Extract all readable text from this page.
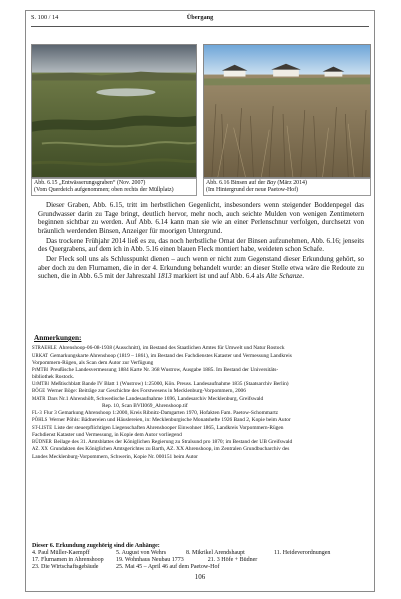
S. 100 / 14	Übergang
Abb. 6.15 „Entwässerungsgraben“ (Nov. 2007)
(Vom Querdeich aufgenommen; oben rechts der Müllplatz)
Abb. 6.16 Binsen auf der Bay (März 2014)
(Im Hintergrund der neue Paetow-Hof)

Dieser Graben, Abb. 6.15, tritt im herbstlichen Gegenlicht, insbesonders wenn steigender Boddenpegel das Grundwasser darin zu Tage bringt, deutlich hervor, mehr noch, auch seichte Mulden von wenigen Zentimetern beginnen sichtbar zu werden. Auf Abb. 6.14 kann man sie wie an einer Perlenschnur verfolgen, durchsetzt von bräunlich werdenden Binsen, Anzeiger für moorigen Untergrund.

Das trockene Frühjahr 2014 ließ es zu, das noch herbstliche Ornat der Binsen aufzunehmen, Abb. 6.16; jenseits des Quergrabens, auf dem ich in Abb. 5.16 einen blauen Fleck montiert habe, weideten schon Schafe.

Der Fleck soll uns als Schlusspunkt dienen – auch wenn er nicht zum Gegenstand dieser Erkundung gehört, so aber doch zu den Flurnamen, die in der 4. Erkundung behandelt wurde: an dieser Stelle etwa wäre die Redoute zu suchen, die in Abb. 6.5 mit der Jahreszahl 1813 markiert ist und auf Abb. 6.4 als Alte Schanze.

Anmerkungen:
STRAEHLE Ahrenshoop-06-08-1938 (Ausschnitt), im Bestand des Staatlichen Amtes für Umwelt und Natur Rostock
URKAT Gemarkungskarte Ahrenshoop (1819 – 1861), im Bestand des Fachdienstes Kataster und Vermessung Landkreis
Vorpommern-Rügen, als Scan dem Autor zur Verfügung
PrMTBl Preußische Landesvermessung 1884 Karte Nr. 368 Wustrow, Ausgabe 1885. Im Bestand der Universitäts-
bibliothek Rostock.
UrMTBl Meßtischblatt Bande IV Blatt 1 (Wustrow) 1:25000, Kön. Preuss. Landesaufnahme 1835 (Staatsarchiv Berlin)
BÖGE Werner Böge: Beiträge zur Geschichte des Forstwesens in Mecklenburg-Vorpommern, 2006
MATR Dars Nr.1 Ahrenshöft, Schwedische Landesaufnahme 1696, Landesarchiv Mecklenburg, Greifswald
Rep. 10, Scan BVII069_Ahrenshoop.tif
FL-3 Flur 3 Gemarkung Ahrenshoop 1:2000, Kreis Ribnitz-Damgarten 1970, Hofakten Fam. Paetow-Schommartz
PÖHLS Werner Pöhls: Bädnereien und Häuslereien, in: Mecklenburgische Monatshefte 1926 Band 2, Kopie beim Autor
ST-LISTE Liste der steuerpflichtigen Liegenschaften Ahrenshooper Einwohner 1865, Landkreis Vorpommern-Rügen
Fachdienst Kataster und Vermessung, in Kopie dem Autor vorliegend
BÜDNER Beilage des 31. Amtsblattes der Königlichen Regierung zu Stralsund pro 1870; im Bestand der UB Greifswald
AZ. XX Grundakten des Königlichen Amtsgerichtes zu Barth, AZ. XX Ahrenshoop, im Zentralen Grundbucharchiv des
Landes Mecklenburg-Vorpommern, Schwerin, Kopie Nr. 000151 beim Autor
Dieser 6. Erkundung zugehörig sind die Anhänge:
4. Paul Müller-Kaempff	5. August von Wehrs	8. Mikrikel Arendshaupt	11. Heideverordnungen
17. Flurnamen in Ahrenshoop	19. Wohnhaus Neubau 1773 21. 3 Höfe + Büdner		
23. Die Wirtschaftsgebäude	25. Mai 45 – April 46 auf dem Paetow-Hof		
106
